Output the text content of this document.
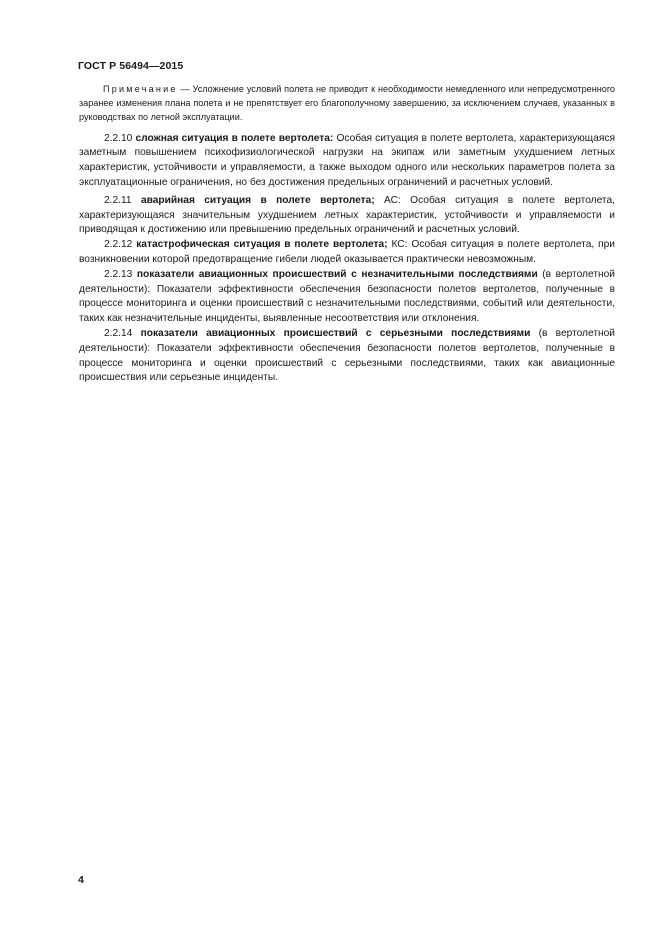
ГОСТ Р 56494—2015
Примечание — Усложнение условий полета не приводит к необходимости немедленного или непредусмотренного заранее изменения плана полета и не препятствует его благополучному завершению, за исключением случаев, указанных в руководствах по летной эксплуатации.

2.2.10 сложная ситуация в полете вертолета: Особая ситуация в полете вертолета, характеризующаяся заметным повышением психофизиологической нагрузки на экипаж или заметным ухудшением летных характеристик, устойчивости и управляемости, а также выходом одного или нескольких параметров полета за эксплуатационные ограничения, но без достижения предельных ограничений и расчетных условий.

2.2.11 аварийная ситуация в полете вертолета; АС: Особая ситуация в полете вертолета, характеризующаяся значительным ухудшением летных характеристик, устойчивости и управляемости и приводящая к достижению или превышению предельных ограничений и расчетных условий.

2.2.12 катастрофическая ситуация в полете вертолета; КС: Особая ситуация в полете вертолета, при возникновении которой предотвращение гибели людей оказывается практически невозможным.

2.2.13 показатели авиационных происшествий с незначительными последствиями (в вертолетной деятельности): Показатели эффективности обеспечения безопасности полетов вертолетов, полученные в процессе мониторинга и оценки происшествий с незначительными последствиями, событий или деятельности, таких как незначительные инциденты, выявленные несоответствия или отклонения.

2.2.14 показатели авиационных происшествий с серьезными последствиями (в вертолетной деятельности): Показатели эффективности обеспечения безопасности полетов вертолетов, полученные в процессе мониторинга и оценки происшествий с серьезными последствиями, таких как авиационные происшествия или серьезные инциденты.

4
